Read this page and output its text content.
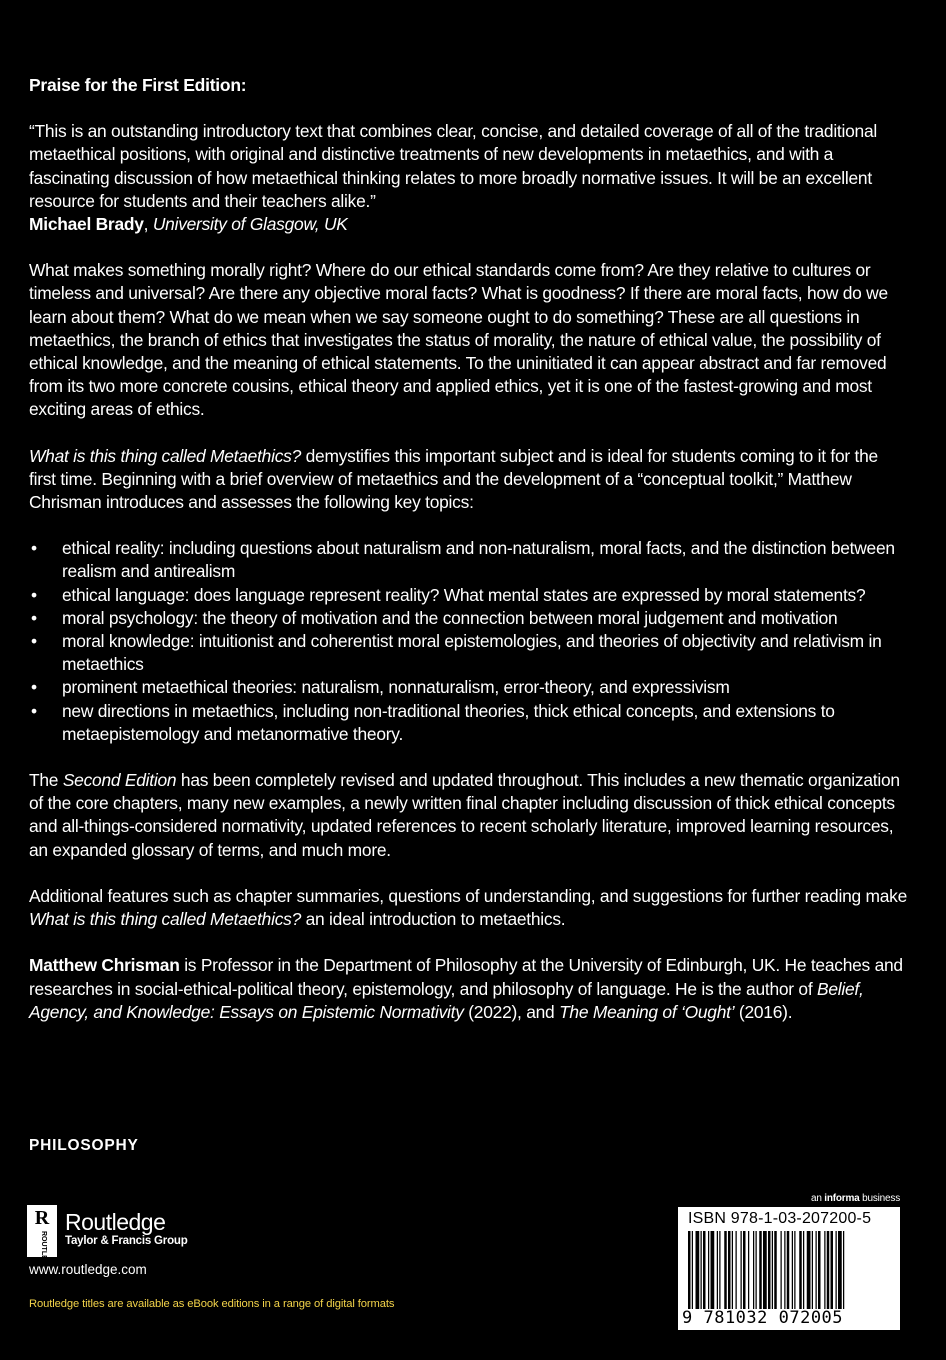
Praise for the First Edition:

“This is an outstanding introductory text that combines clear, concise, and detailed coverage of all of the traditional metaethical positions, with original and distinctive treatments of new developments in metaethics, and with a fascinating discussion of how metaethical thinking relates to more broadly normative issues. It will be an excellent resource for students and their teachers alike.”

Michael Brady, University of Glasgow, UK

What makes something morally right? Where do our ethical standards come from? Are they relative to cultures or timeless and universal? Are there any objective moral facts? What is goodness? If there are moral facts, how do we learn about them? What do we mean when we say someone ought to do something? These are all questions in metaethics, the branch of ethics that investigates the status of morality, the nature of ethical value, the possibility of ethical knowledge, and the meaning of ethical statements. To the uninitiated it can appear abstract and far removed from its two more concrete cousins, ethical theory and applied ethics, yet it is one of the fastest-growing and most exciting areas of ethics.

What is this thing called Metaethics? demystifies this important subject and is ideal for students coming to it for the first time. Beginning with a brief overview of metaethics and the development of a “conceptual toolkit,” Matthew Chrisman introduces and assesses the following key topics:

• ethical reality: including questions about naturalism and non-naturalism, moral facts, and the distinction between realism and antirealism
• ethical language: does language represent reality? What mental states are expressed by moral statements?
• moral psychology: the theory of motivation and the connection between moral judgement and motivation
• moral knowledge: intuitionist and coherentist moral epistemologies, and theories of objectivity and relativism in metaethics
• prominent metaethical theories: naturalism, nonnaturalism, error-theory, and expressivism
• new directions in metaethics, including non-traditional theories, thick ethical concepts, and extensions to metaepistemology and metanormative theory.

The Second Edition has been completely revised and updated throughout. This includes a new thematic organization of the core chapters, many new examples, a newly written final chapter including discussion of thick ethical concepts and all-things-considered normativity, updated references to recent scholarly literature, improved learning resources, an expanded glossary of terms, and much more.

Additional features such as chapter summaries, questions of understanding, and suggestions for further reading make What is this thing called Metaethics? an ideal introduction to metaethics.

Matthew Chrisman is Professor in the Department of Philosophy at the University of Edinburgh, UK. He teaches and researches in social-ethical-political theory, epistemology, and philosophy of language. He is the author of Belief, Agency, and Knowledge: Essays on Epistemic Normativity (2022), and The Meaning of ‘Ought’ (2016).

PHILOSOPHY
R
ROUTLEDGE
Routledge
Taylor & Francis Group
www.routledge.com
Routledge titles are available as eBook editions in a range of digital formats
an informa business
ISBN 978-1-03-207200-5
9 781032 072005
